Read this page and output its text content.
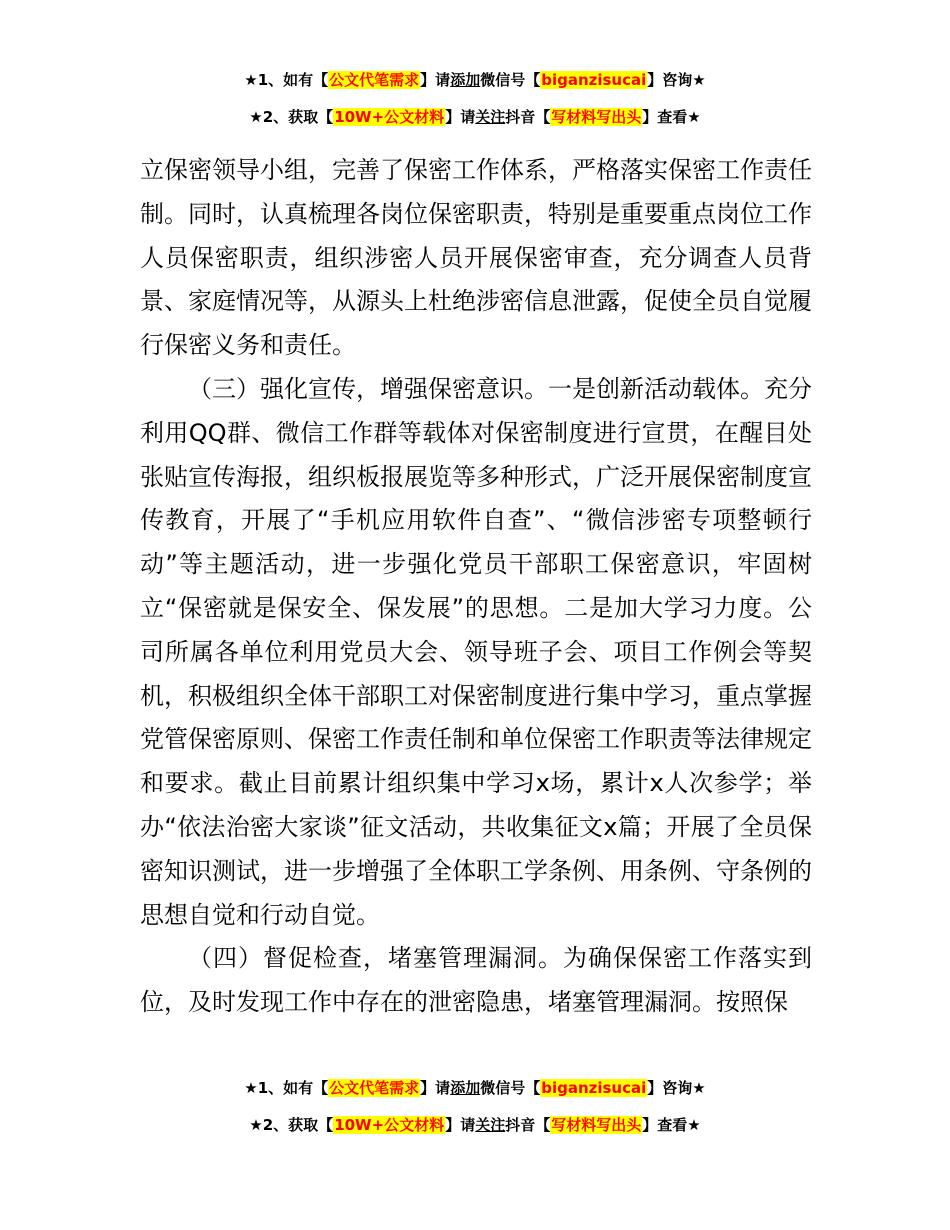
★1、如有【公文代笔需求】请添加微信号【biganzisucai】咨询★
★2、获取【10W+公文材料】请关注抖音【写材料写出头】查看★

立保密领导小组，完善了保密工作体系，严格落实保密工作责任制。同时，认真梳理各岗位保密职责，特别是重要重点岗位工作人员保密职责，组织涉密人员开展保密审查，充分调查人员背景、家庭情况等，从源头上杜绝涉密信息泄露，促使全员自觉履行保密义务和责任。

（三）强化宣传，增强保密意识。一是创新活动载体。充分利用QQ群、微信工作群等载体对保密制度进行宣贯，在醒目处张贴宣传海报，组织板报展览等多种形式，广泛开展保密制度宣传教育，开展了“手机应用软件自查”、“微信涉密专项整顿行动”等主题活动，进一步强化党员干部职工保密意识，牢固树立“保密就是保安全、保发展”的思想。二是加大学习力度。公司所属各单位利用党员大会、领导班子会、项目工作例会等契机，积极组织全体干部职工对保密制度进行集中学习，重点掌握党管保密原则、保密工作责任制和单位保密工作职责等法律规定和要求。截止目前累计组织集中学习x场，累计x人次参学；举办“依法治密大家谈”征文活动，共收集征文x篇；开展了全员保密知识测试，进一步增强了全体职工学条例、用条例、守条例的思想自觉和行动自觉。

（四）督促检查，堵塞管理漏洞。为确保保密工作落实到位，及时发现工作中存在的泄密隐患，堵塞管理漏洞。按照保

★1、如有【公文代笔需求】请添加微信号【biganzisucai】咨询★
★2、获取【10W+公文材料】请关注抖音【写材料写出头】查看★
